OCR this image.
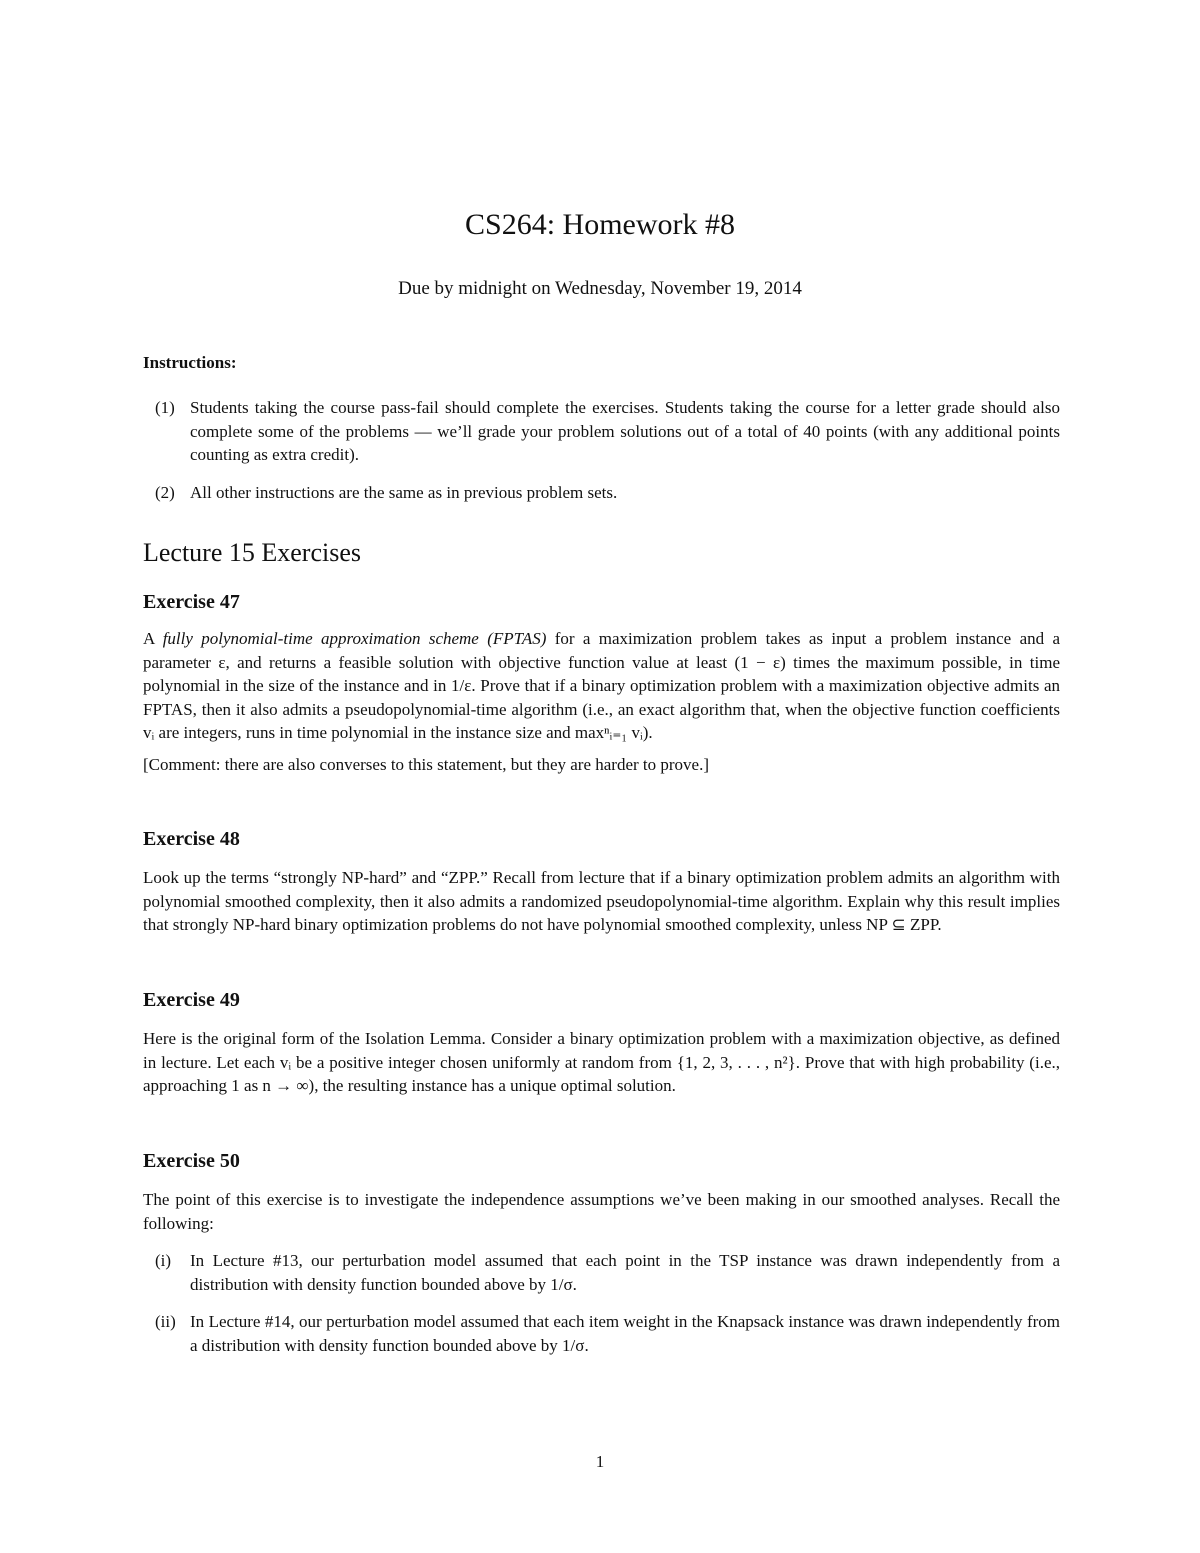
CS264: Homework #8
Due by midnight on Wednesday, November 19, 2014
Instructions:
(1) Students taking the course pass-fail should complete the exercises. Students taking the course for a letter grade should also complete some of the problems — we’ll grade your problem solutions out of a total of 40 points (with any additional points counting as extra credit).
(2) All other instructions are the same as in previous problem sets.
Lecture 15 Exercises
Exercise 47

A fully polynomial-time approximation scheme (FPTAS) for a maximization problem takes as input a problem instance and a parameter ε, and returns a feasible solution with objective function value at least (1 − ε) times the maximum possible, in time polynomial in the size of the instance and in 1/ε. Prove that if a binary optimization problem with a maximization objective admits an FPTAS, then it also admits a pseudopolynomial-time algorithm (i.e., an exact algorithm that, when the objective function coefficients vᵢ are integers, runs in time polynomial in the instance size and maxⁿᵢ₌₁ vᵢ).

[Comment: there are also converses to this statement, but they are harder to prove.]

Exercise 48

Look up the terms “strongly NP-hard” and “ZPP.” Recall from lecture that if a binary optimization problem admits an algorithm with polynomial smoothed complexity, then it also admits a randomized pseudopolynomial-time algorithm. Explain why this result implies that strongly NP-hard binary optimization problems do not have polynomial smoothed complexity, unless NP ⊆ ZPP.

Exercise 49

Here is the original form of the Isolation Lemma. Consider a binary optimization problem with a maximization objective, as defined in lecture. Let each vᵢ be a positive integer chosen uniformly at random from {1, 2, 3, . . . , n²}. Prove that with high probability (i.e., approaching 1 as n → ∞), the resulting instance has a unique optimal solution.

Exercise 50

The point of this exercise is to investigate the independence assumptions we’ve been making in our smoothed analyses. Recall the following:

(i) In Lecture #13, our perturbation model assumed that each point in the TSP instance was drawn independently from a distribution with density function bounded above by 1/σ.
(ii) In Lecture #14, our perturbation model assumed that each item weight in the Knapsack instance was drawn independently from a distribution with density function bounded above by 1/σ.
1
